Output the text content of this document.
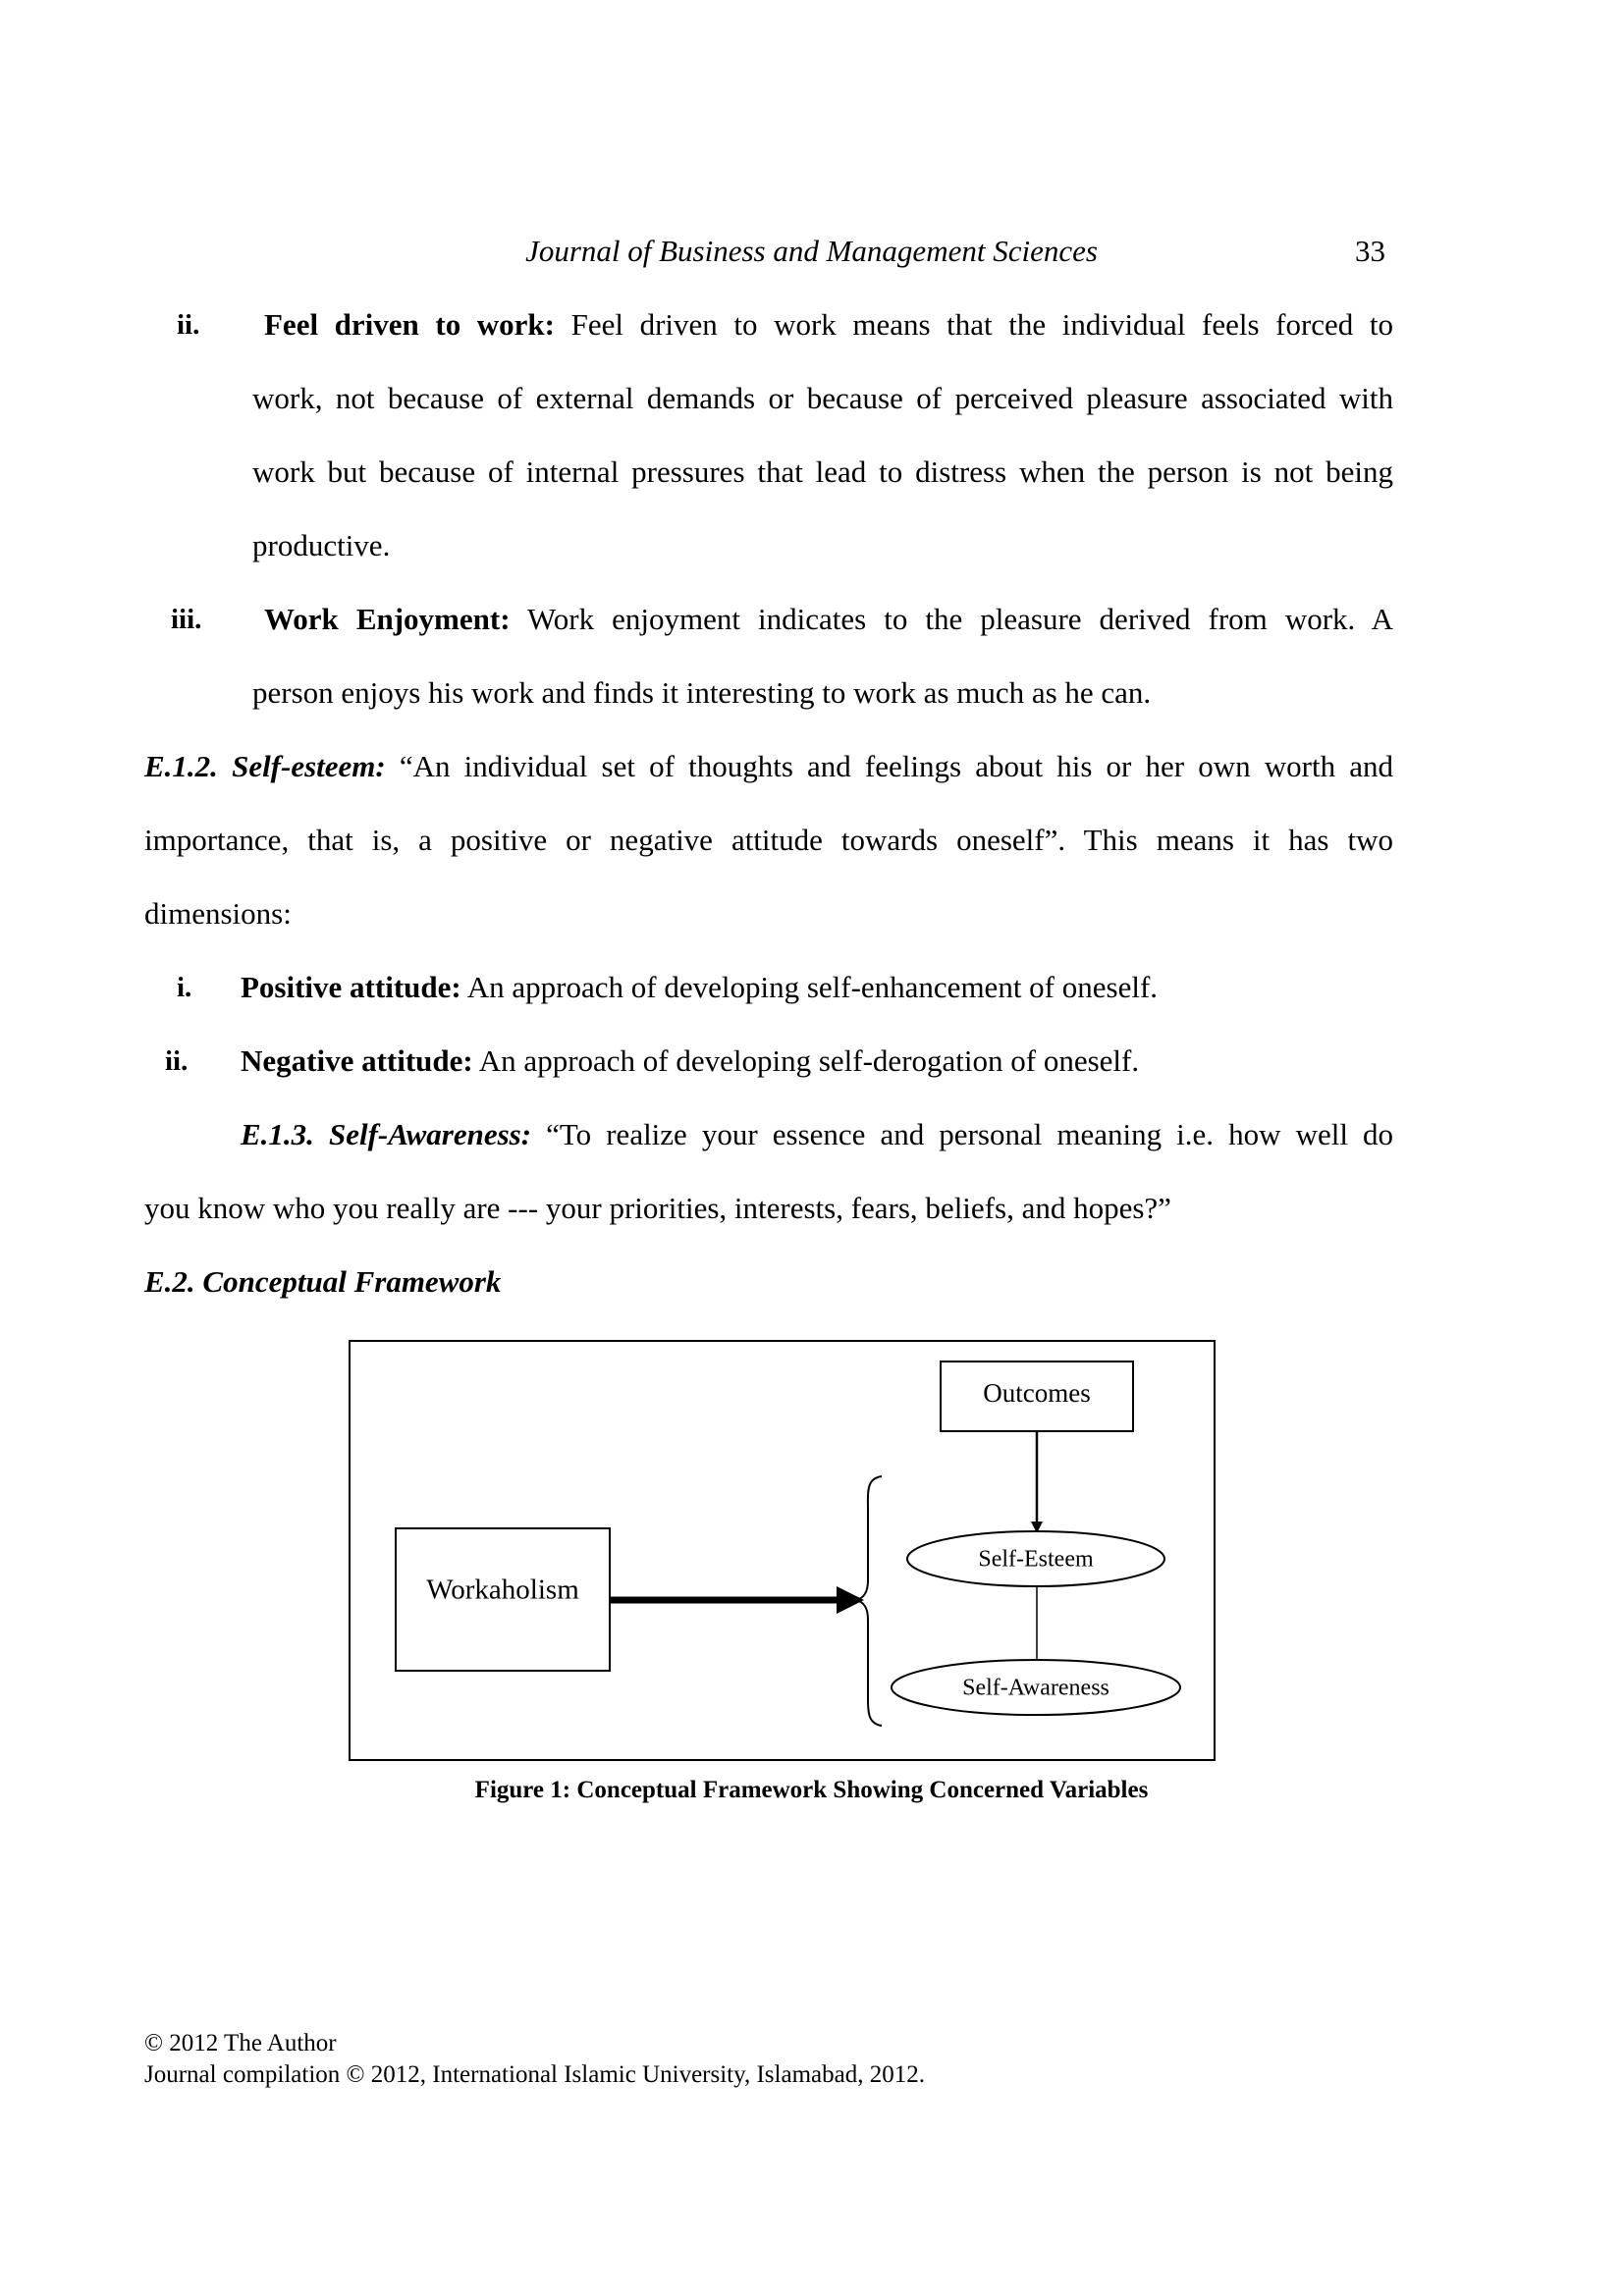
Journal of Business and Management Sciences	33
ii. Feel driven to work: Feel driven to work means that the individual feels forced to
work, not because of external demands or because of perceived pleasure associated with
work but because of internal pressures that lead to distress when the person is not being
productive.
iii. Work Enjoyment: Work enjoyment indicates to the pleasure derived from work. A
person enjoys his work and finds it interesting to work as much as he can.
E.1.2. Self-esteem: “An individual set of thoughts and feelings about his or her own worth and
importance, that is, a positive or negative attitude towards oneself”. This means it has two
dimensions:
i. Positive attitude: An approach of developing self-enhancement of oneself.
ii. Negative attitude: An approach of developing self-derogation of oneself.
E.1.3. Self-Awareness: “To realize your essence and personal meaning i.e. how well do
you know who you really are --- your priorities, interests, fears, beliefs, and hopes?”
E.2. Conceptual Framework
Outcomes
Self-Esteem
Self-Awareness
Workaholism
Figure 1: Conceptual Framework Showing Concerned Variables
© 2012 The Author
Journal compilation © 2012, International Islamic University, Islamabad, 2012.
